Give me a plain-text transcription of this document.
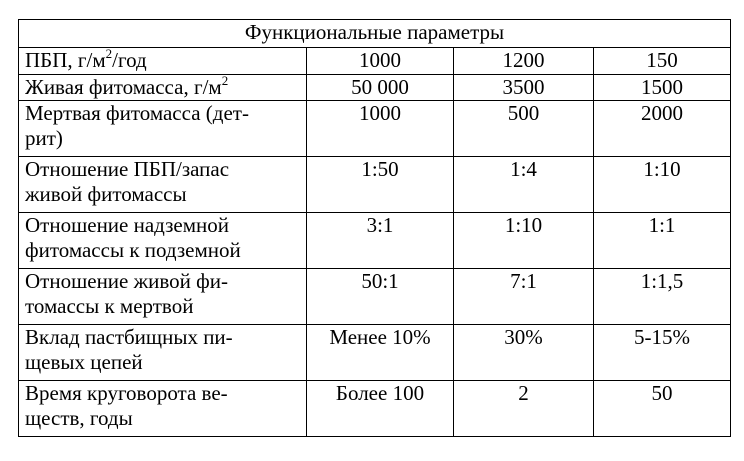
Функциональные параметры			
ПБП, $г/м^2$/год	1000	1200	150
Живая фитомасса, $г/м^2$	50 000	3500	1500
Мертвая фитомасса (дет-
рит)	1000	500	2000
Отношение ПБП/запас
живой фитомассы	1:50	1:4	1:10
Отношение надземной
фитомассы к подземной	3:1	1:10	1:1
Отношение живой фи-
томассы к мертвой	50:1	7:1	1:1,5
Вклад пастбищных пи-
щевых цепей	Менее 10%	30%	5-15%
Время круговорота ве-
ществ, годы	Более 100	2	50
